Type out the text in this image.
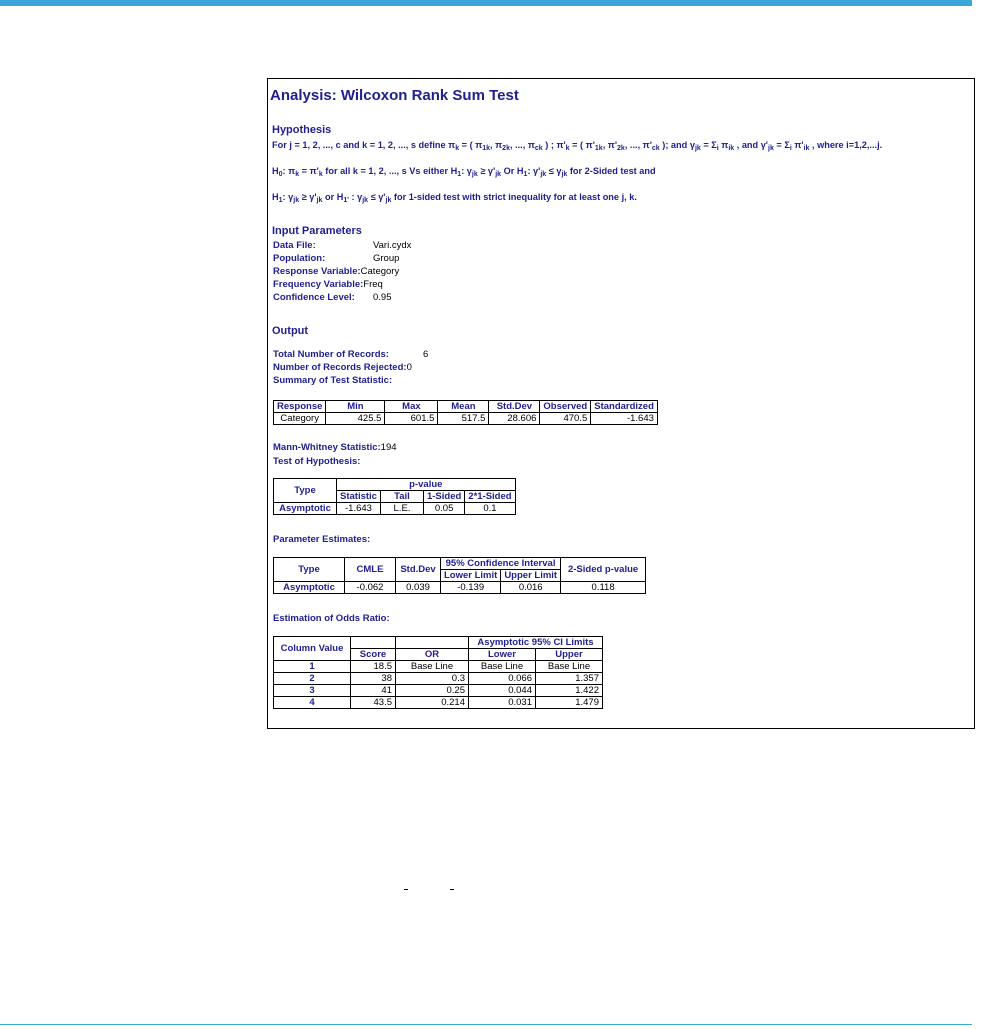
Analysis: Wilcoxon Rank Sum Test
Hypothesis
For j = 1, 2, ..., c and k = 1, 2, ..., s define $\pi_k$ = ( $\pi_{1k}$, $\pi_{2k}$, ..., $\pi_{ck}$ ) ; $\pi'_k$ = ( $\pi'_{1k}$, $\pi'_{2k}$, ..., $\pi'_{ck}$ ); and $\gamma_{jk} = \Sigma_i$ $\pi_{ik}$ , and $\gamma'_{jk} = \Sigma_i$ $\pi'_{ik}$ , where i=1,2,...j.
$H_0$: $\pi_k = \pi'_k$ for all k = 1, 2, ..., s Vs either $H_1$: $\gamma_{jk} \ge \gamma'_{jk}$ Or $H_1$: $\gamma'_{jk} \le \gamma_{jk}$ for 2-Sided test and
$H_1$: $\gamma_{jk} \ge \gamma'_{jk}$ or $H_{1'}$ : $\gamma_{jk} \le \gamma'_{jk}$ for 1-sided test with strict inequality for at least one j, k.
Input Parameters
Data File:	Vari.cydx
Population:	Group
Response Variable:Category
Frequency Variable:Freq
Confidence Level: 0.95
Output
Total Number of Records:	6
Number of Records Rejected:0
Summary of Test Statistic:
Response	Min	Max	Mean	Std.Dev	Observed	Standardized
Category	425.5	601.5	517.5	28.606	470.5	-1.643
Mann-Whitney Statistic:194
Test of Hypothesis:
Type	p-value			
	Statistic	Tail	1-Sided	2*1-Sided
Asymptotic	-1.643	L.E.	0.05	0.1
Parameter Estimates:
Type	CMLE	Std.Dev	95% Confidence Interval		2-Sided p-value
			Lower Limit	Upper Limit	
Asymptotic	-0.062	0.039	-0.139	0.016	0.118
Estimation of Odds Ratio:
Column Value			Asymptotic 95% CI Limits	
	Score	OR	Lower	Upper
1	18.5	Base Line	Base Line	Base Line
2	38	0.3	0.066	1.357
3	41	0.25	0.044	1.422
4	43.5	0.214	0.031	1.479
